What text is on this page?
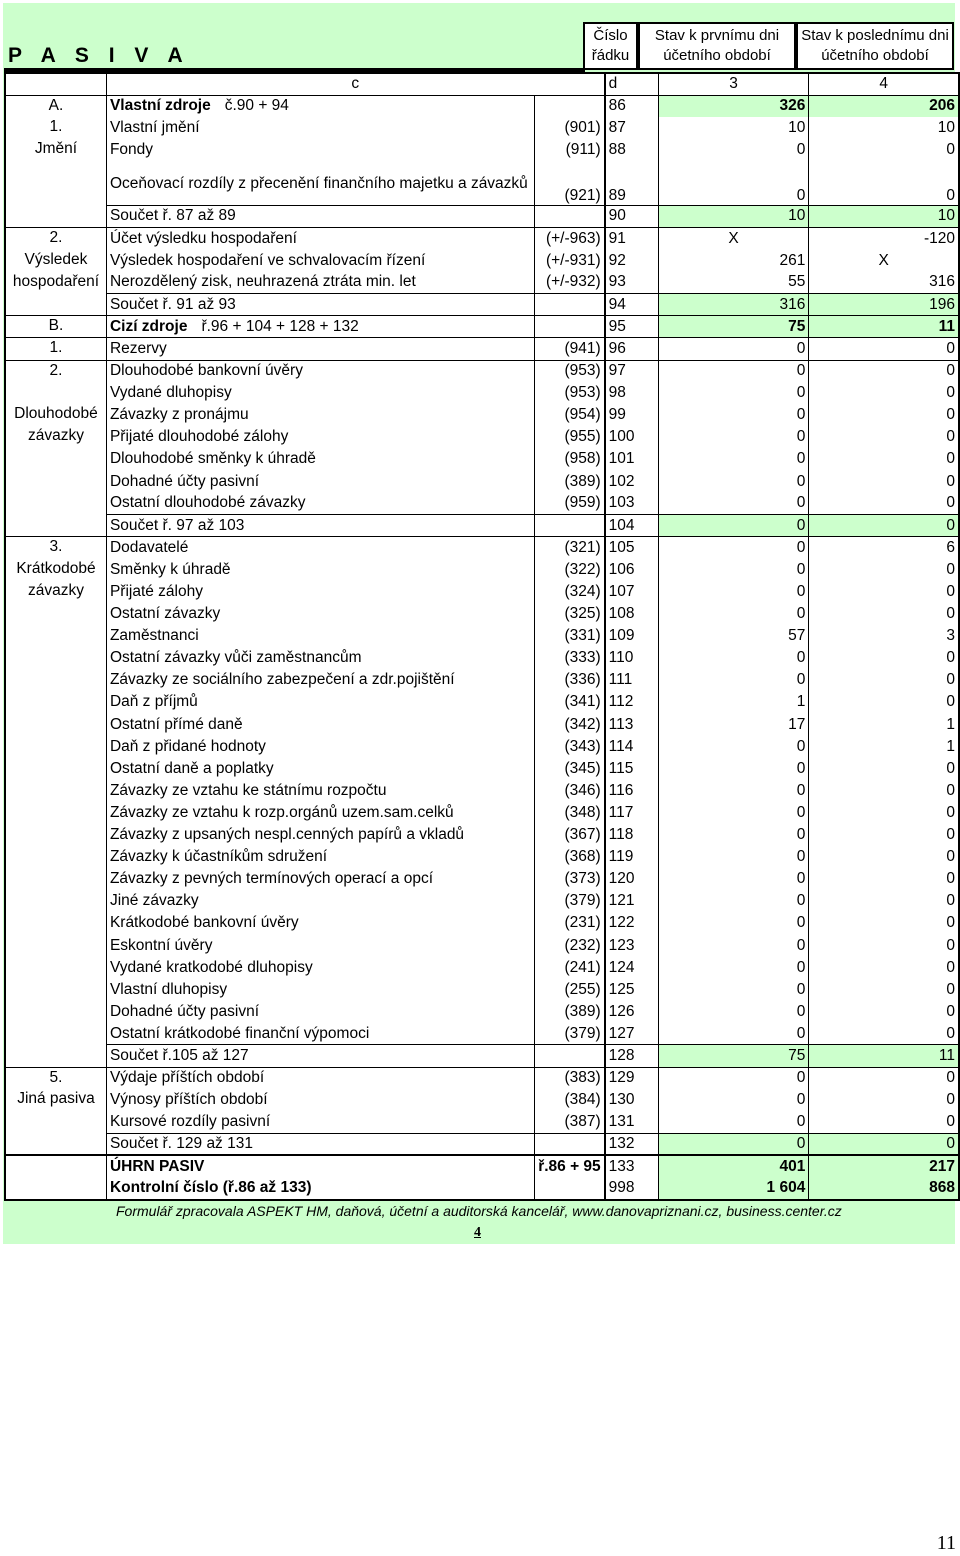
P A S I V A
Číslo řádku
Stav k prvnímu dni účetního období
Stav k poslednímu dni účetního období
	c		d	3	4
A.	Vlastní zdroje č.90 + 94		86	326	206
1.	Vlastní jmění	(901)	87	10	10
Jmění	Fondy	(911)	88	0	0
	Oceňovací rozdíly z přecenění finančního majetku a závazků	(921)	89	0	0
	Součet ř. 87 až 89		90	10	10
2.	Účet výsledku hospodaření	(+/-963)	91	X	-120
Výsledek	Výsledek hospodaření ve schvalovacím řízení	(+/-931)	92	261	X
hospodaření	Nerozdělený zisk, neuhrazená ztráta min. let	(+/-932)	93	55	316
	Součet ř. 91 až 93		94	316	196
B.	Cizí zdroje ř.96 + 104 + 128 + 132		95	75	11
1.	Rezervy	(941)	96	0	0
2.	Dlouhodobé bankovní úvěry	(953)	97	0	0
	Vydané dluhopisy	(953)	98	0	0
Dlouhodobé	Závazky z pronájmu	(954)	99	0	0
závazky	Přijaté dlouhodobé zálohy	(955)	100	0	0
	Dlouhodobé směnky k úhradě	(958)	101	0	0
	Dohadné účty pasivní	(389)	102	0	0
	Ostatní dlouhodobé závazky	(959)	103	0	0
	Součet ř. 97 až 103		104	0	0
3.	Dodavatelé	(321)	105	0	6
Krátkodobé	Směnky k úhradě	(322)	106	0	0
závazky	Přijaté zálohy	(324)	107	0	0
	Ostatní závazky	(325)	108	0	0
	Zaměstnanci	(331)	109	57	3
	Ostatní závazky vůči zaměstnancům	(333)	110	0	0
	Závazky ze sociálního zabezpečení a zdr.pojištění	(336)	111	0	0
	Daň z příjmů	(341)	112	1	0
	Ostatní přímé daně	(342)	113	17	1
	Daň z přidané hodnoty	(343)	114	0	1
	Ostatní daně a poplatky	(345)	115	0	0
	Závazky ze vztahu ke státnímu rozpočtu	(346)	116	0	0
	Závazky ze vztahu k rozp.orgánů uzem.sam.celků	(348)	117	0	0
	Závazky z upsaných nespl.cenných papírů a vkladů	(367)	118	0	0
	Závazky k účastníkům sdružení	(368)	119	0	0
	Závazky z pevných termínových operací a opcí	(373)	120	0	0
	Jiné závazky	(379)	121	0	0
	Krátkodobé bankovní úvěry	(231)	122	0	0
	Eskontní úvěry	(232)	123	0	0
	Vydané kratkodobé dluhopisy	(241)	124	0	0
	Vlastní dluhopisy	(255)	125	0	0
	Dohadné účty pasivní	(389)	126	0	0
	Ostatní krátkodobé finanční výpomoci	(379)	127	0	0
	Součet ř.105 až 127		128	75	11
5.	Výdaje příštích období	(383)	129	0	0
Jiná pasiva	Výnosy příštích období	(384)	130	0	0
	Kursové rozdíly pasivní	(387)	131	0	0
	Součet ř. 129 až 131		132	0	0
	ÚHRN PASIV	ř.86 + 95	133	401	217
	Kontrolní číslo (ř.86 až 133)		998	1 604	868
Formulář zpracovala ASPEKT HM, daňová, účetní a auditorská kancelář, www.danovapriznani.cz, business.center.cz
4
11
